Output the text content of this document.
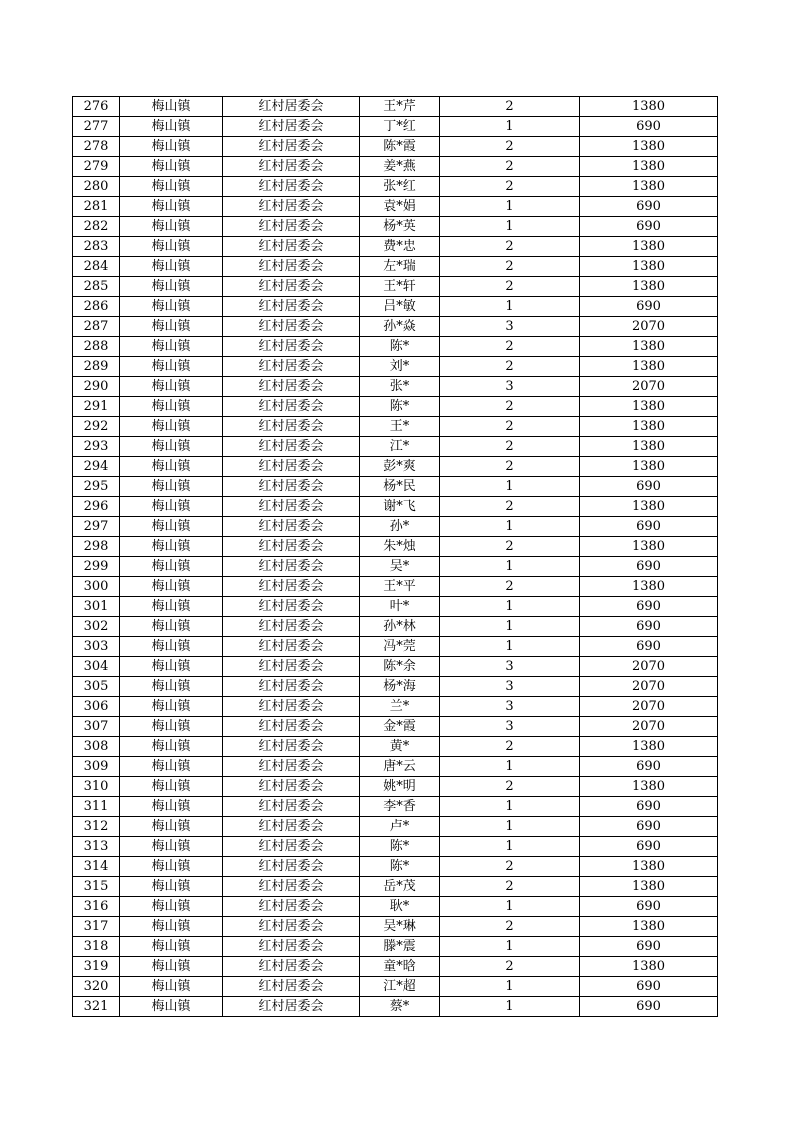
276	梅山镇	红村居委会	王*芹	2	1380
277	梅山镇	红村居委会	丁*红	1	690
278	梅山镇	红村居委会	陈*霞	2	1380
279	梅山镇	红村居委会	姜*燕	2	1380
280	梅山镇	红村居委会	张*红	2	1380
281	梅山镇	红村居委会	袁*娟	1	690
282	梅山镇	红村居委会	杨*英	1	690
283	梅山镇	红村居委会	费*忠	2	1380
284	梅山镇	红村居委会	左*瑞	2	1380
285	梅山镇	红村居委会	王*轩	2	1380
286	梅山镇	红村居委会	吕*敏	1	690
287	梅山镇	红村居委会	孙*焱	3	2070
288	梅山镇	红村居委会	陈*	2	1380
289	梅山镇	红村居委会	刘*	2	1380
290	梅山镇	红村居委会	张*	3	2070
291	梅山镇	红村居委会	陈*	2	1380
292	梅山镇	红村居委会	王*	2	1380
293	梅山镇	红村居委会	江*	2	1380
294	梅山镇	红村居委会	彭*爽	2	1380
295	梅山镇	红村居委会	杨*民	1	690
296	梅山镇	红村居委会	谢*飞	2	1380
297	梅山镇	红村居委会	孙*	1	690
298	梅山镇	红村居委会	朱*烛	2	1380
299	梅山镇	红村居委会	吴*	1	690
300	梅山镇	红村居委会	王*平	2	1380
301	梅山镇	红村居委会	叶*	1	690
302	梅山镇	红村居委会	孙*林	1	690
303	梅山镇	红村居委会	冯*莞	1	690
304	梅山镇	红村居委会	陈*余	3	2070
305	梅山镇	红村居委会	杨*海	3	2070
306	梅山镇	红村居委会	兰*	3	2070
307	梅山镇	红村居委会	金*霞	3	2070
308	梅山镇	红村居委会	黄*	2	1380
309	梅山镇	红村居委会	唐*云	1	690
310	梅山镇	红村居委会	姚*明	2	1380
311	梅山镇	红村居委会	李*香	1	690
312	梅山镇	红村居委会	卢*	1	690
313	梅山镇	红村居委会	陈*	1	690
314	梅山镇	红村居委会	陈*	2	1380
315	梅山镇	红村居委会	岳*茂	2	1380
316	梅山镇	红村居委会	耿*	1	690
317	梅山镇	红村居委会	吴*琳	2	1380
318	梅山镇	红村居委会	滕*震	1	690
319	梅山镇	红村居委会	童*晗	2	1380
320	梅山镇	红村居委会	江*超	1	690
321	梅山镇	红村居委会	蔡*	1	690
